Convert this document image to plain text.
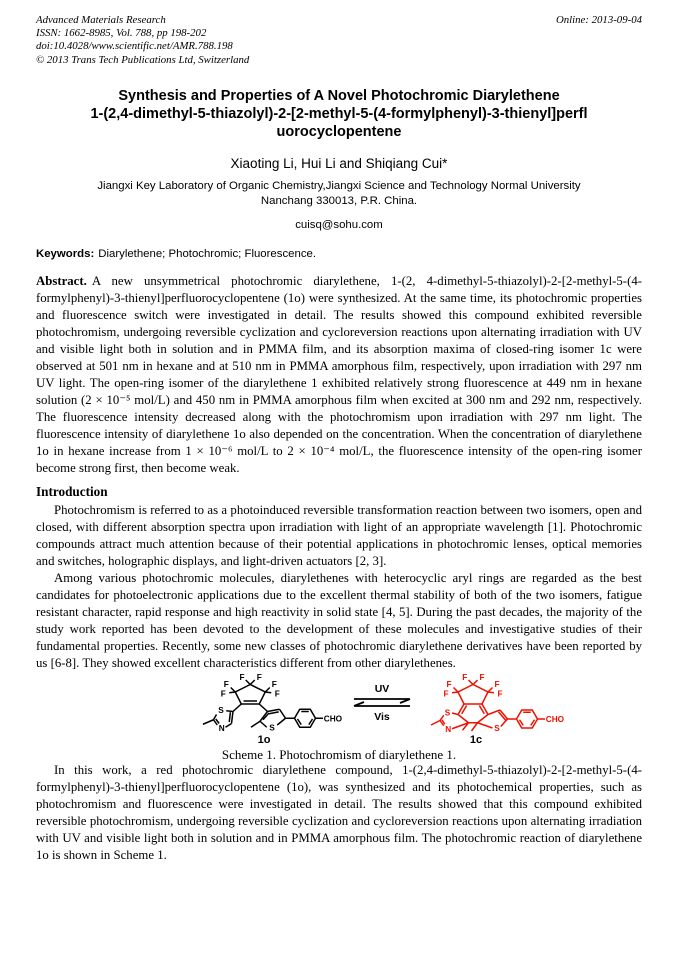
Advanced Materials Research
ISSN: 1662-8985, Vol. 788, pp 198-202
doi:10.4028/www.scientific.net/AMR.788.198
© 2013 Trans Tech Publications Ltd, Switzerland
Online: 2013-09-04
Synthesis and Properties of A Novel Photochromic Diarylethene
1-(2,4-dimethyl-5-thiazolyl)-2-[2-methyl-5-(4-formylphenyl)-3-thienyl]perfl
uorocyclopentene
Xiaoting Li, Hui Li and Shiqiang Cui*
Jiangxi Key Laboratory of Organic Chemistry,Jiangxi Science and Technology Normal University
Nanchang 330013, P.R. China.
cuisq@sohu.com
Keywords: Diarylethene; Photochromic; Fluorescence.

Abstract. A new unsymmetrical photochromic diarylethene, 1-(2, 4-dimethyl-5-thiazolyl)-2-[2-methyl-5-(4-formylphenyl)-3-thienyl]perfluorocyclopentene (1o) were synthesized. At the same time, its photochromic properties and fluorescence switch were investigated in detail. The results showed this compound exhibited reversible photochromism, undergoing reversible cyclization and cycloreversion reactions upon alternating irradiation with UV and visible light both in solution and in PMMA film, and its absorption maxima of closed-ring isomer 1c were observed at 501 nm in hexane and at 510 nm in PMMA amorphous film, respectively, upon irradiation with 297 nm UV light. The open-ring isomer of the diarylethene 1 exhibited relatively strong fluorescence at 449 nm in hexane solution (2 × 10⁻⁵ mol/L) and 450 nm in PMMA amorphous film when excited at 300 nm and 292 nm, respectively. The fluorescence intensity decreased along with the photochromism upon irradiation with 297 nm light. The fluorescence intensity of diarylethene 1o also depended on the concentration. When the concentration of diarylethene 1o in hexane increase from 1 × 10⁻⁶ mol/L to 2 × 10⁻⁴ mol/L, the fluorescence intensity of the open-ring isomer become strong first, then become weak.

Introduction

Photochromism is referred to as a photoinduced reversible transformation reaction between two isomers, open and closed, with different absorption spectra upon irradiation with light of an appropriate wavelength [1]. Photochromic compounds attract much attention because of their potential applications in photochromic lenses, optical memories and switches, holographic displays, and light-driven actuators [2, 3].

Among various photochromic molecules, diarylethenes with heterocyclic aryl rings are regarded as the best candidates for photoelectronic applications due to the excellent thermal stability of both of the two isomers, fatigue resistant character, rapid response and high reactivity in solid state [4, 5]. During the past decades, the majority of the study work reported has been devoted to the development of these molecules and investigative studies of their fundamental properties. Recently, some new classes of photochromic diarylethene derivatives have been reported by us [6-8]. They showed excellent characteristics different from other diarylethenes.

F F
F
F
F
F
S
N	S
CHO
1o
UV
Vis
F F
F
F
F
F
S
N	S
CHO
1c

Scheme 1. Photochromism of diarylethene 1.

In this work, a red photochromic diarylethene compound, 1-(2,4-dimethyl-5-thiazolyl)-2-[2-methyl-5-(4-formylphenyl)-3-thienyl]perfluorocyclopentene (1o), was synthesized and its photochemical properties, such as photochromism and fluorescence were investigated in detail. The results showed that this compound exhibited reversible photochromism, undergoing reversible cyclization and cycloreversion reactions upon alternating irradiation with UV and visible light both in solution and in PMMA amorphous film. The photochromic reaction of diarylethene 1o is shown in Scheme 1.
